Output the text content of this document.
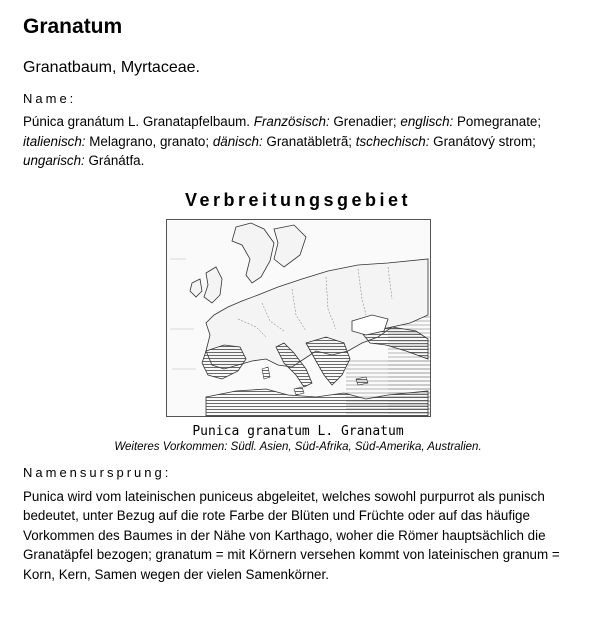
Granatum
Granatbaum, Myrtaceae.
Name:
Púnica granátum L. Granatapfelbaum. Französisch: Grenadier; englisch: Pomegranate; italienisch: Melagrano, granato; dänisch: Granatäbletrã; tschechisch: Granátový strom; ungarisch: Gránátfa.
Verbreitungsgebiet
Punica granatum L. Granatum
Weiteres Vorkommen: Südl. Asien, Süd-Afrika, Süd-Amerika, Australien.
Namensursprung:
Punica wird vom lateinischen puniceus abgeleitet, welches sowohl purpurrot als punisch bedeutet, unter Bezug auf die rote Farbe der Blüten und Früchte oder auf das häufige Vorkommen des Baumes in der Nähe von Karthago, woher die Römer hauptsächlich die Granatäpfel bezogen; granatum = mit Körnern versehen kommt von lateinischen granum = Korn, Kern, Samen wegen der vielen Samenkörner.
